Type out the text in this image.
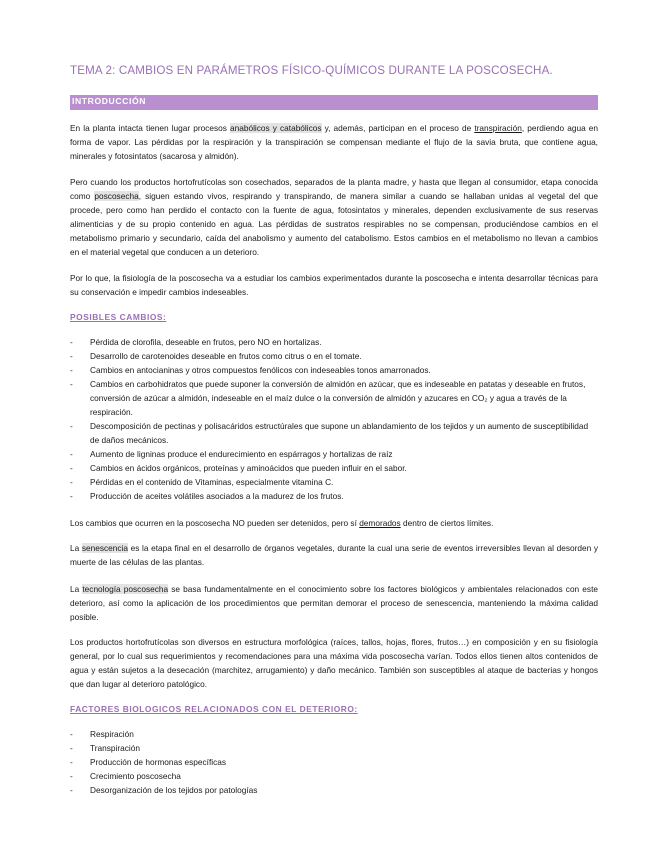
TEMA 2: CAMBIOS EN PARÁMETROS FÍSICO-QUÍMICOS DURANTE LA POSCOSECHA.
INTRODUCCIÓN
En la planta intacta tienen lugar procesos anabólicos y catabólicos y, además, participan en el proceso de transpiración, perdiendo agua en forma de vapor. Las pérdidas por la respiración y la transpiración se compensan mediante el flujo de la savia bruta, que contiene agua, minerales y fotosintatos (sacarosa y almidón).
Pero cuando los productos hortofrutícolas son cosechados, separados de la planta madre, y hasta que llegan al consumidor, etapa conocida como poscosecha, siguen estando vivos, respirando y transpirando, de manera similar a cuando se hallaban unidas al vegetal del que procede, pero como han perdido el contacto con la fuente de agua, fotosintatos y minerales, dependen exclusivamente de sus reservas alimenticias y de su propio contenido en agua. Las pérdidas de sustratos respirables no se compensan, produciéndose cambios en el metabolismo primario y secundario, caída del anabolismo y aumento del catabolismo. Estos cambios en el metabolismo no llevan a cambios en el material vegetal que conducen a un deterioro.
Por lo que, la fisiología de la poscosecha va a estudiar los cambios experimentados durante la poscosecha e intenta desarrollar técnicas para su conservación e impedir cambios indeseables.
POSIBLES CAMBIOS:
- Pérdida de clorofila, deseable en frutos, pero NO en hortalizas.
- Desarrollo de carotenoides deseable en frutos como citrus o en el tomate.
- Cambios en antocianinas y otros compuestos fenólicos con indeseables tonos amarronados.
- Cambios en carbohidratos que puede suponer la conversión de almidón en azúcar, que es indeseable en patatas y deseable en frutos, conversión de azúcar a almidón, indeseable en el maíz dulce o la conversión de almidón y azucares en CO₂ y agua a través de la respiración.
- Descomposición de pectinas y polisacáridos estructúrales que supone un ablandamiento de los tejidos y un aumento de susceptibilidad de daños mecánicos.
- Aumento de ligninas produce el endurecimiento en espárragos y hortalizas de raíz
- Cambios en ácidos orgánicos, proteínas y aminoácidos que pueden influir en el sabor.
- Pérdidas en el contenido de Vitaminas, especialmente vitamina C.
- Producción de aceites volátiles asociados a la madurez de los frutos.
Los cambios que ocurren en la poscosecha NO pueden ser detenidos, pero sí demorados dentro de ciertos límites.
La senescencia es la etapa final en el desarrollo de órganos vegetales, durante la cual una serie de eventos irreversibles llevan al desorden y muerte de las células de las plantas.
La tecnología poscosecha se basa fundamentalmente en el conocimiento sobre los factores biológicos y ambientales relacionados con este deterioro, así como la aplicación de los procedimientos que permitan demorar el proceso de senescencia, manteniendo la máxima calidad posible.
Los productos hortofrutícolas son diversos en estructura morfológica (raíces, tallos, hojas, flores, frutos…) en composición y en su fisiología general, por lo cual sus requerimientos y recomendaciones para una máxima vida poscosecha varían. Todos ellos tienen altos contenidos de agua y están sujetos a la desecación (marchitez, arrugamiento) y daño mecánico. También son susceptibles al ataque de bacterias y hongos que dan lugar al deterioro patológico.
FACTORES BIOLOGICOS RELACIONADOS CON EL DETERIORO:
- Respiración
- Transpiración
- Producción de hormonas específicas
- Crecimiento poscosecha
- Desorganización de los tejidos por patologías
